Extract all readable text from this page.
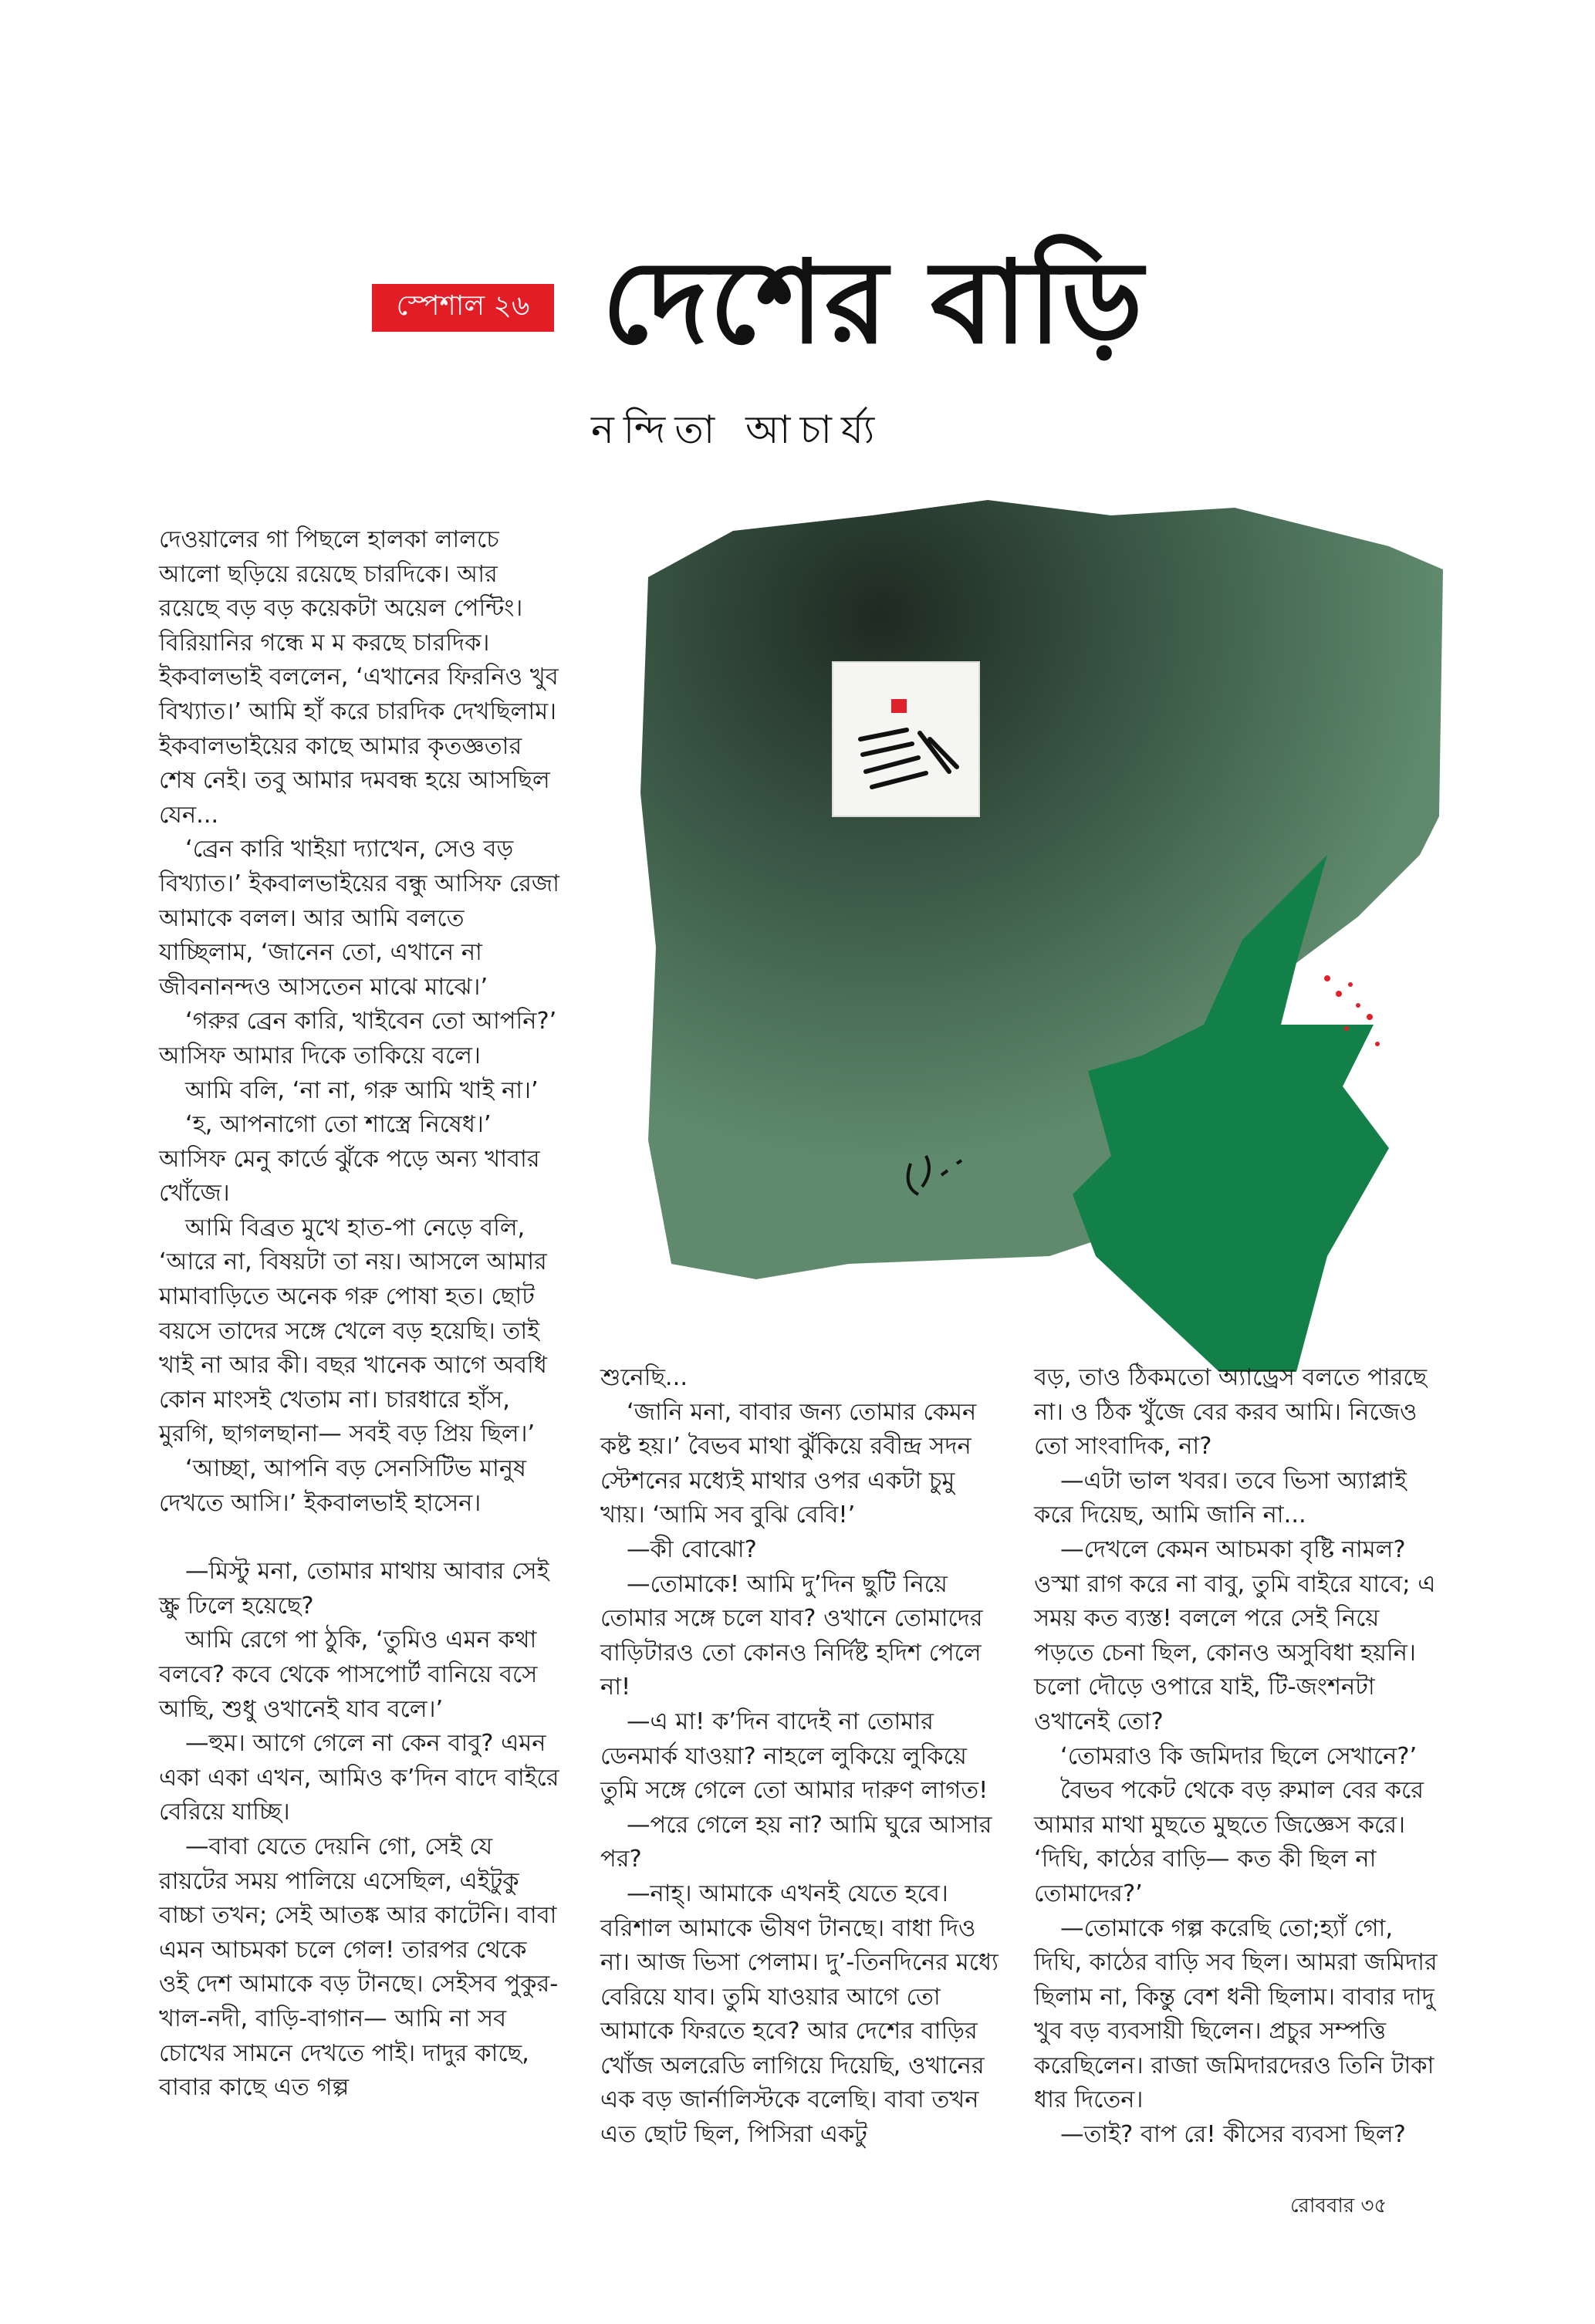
স্পেশাল ২৬ দেশের বাড়ি
নন্দিতা আচার্য্য

দেওয়ালের গা পিছলে হালকা লালচে আলো ছড়িয়ে রয়েছে চারদিকে। আর রয়েছে বড় বড় কয়েকটা অয়েল পেন্টিং। বিরিয়ানির গন্ধে ম ম করছে চারদিক। ইকবালভাই বললেন, ‘এখানের ফিরনিও খুব বিখ্যাত।’ আমি হাঁ করে চারদিক দেখছিলাম। ইকবালভাইয়ের কাছে আমার কৃতজ্ঞতার শেষ নেই। তবু আমার দমবন্ধ হয়ে আসছিল যেন...

‘ব্রেন কারি খাইয়া দ্যাখেন, সেও বড় বিখ্যাত।’ ইকবালভাইয়ের বন্ধু আসিফ রেজা আমাকে বলল। আর আমি বলতে যাচ্ছিলাম, ‘জানেন তো, এখানে না জীবনানন্দও আসতেন মাঝে মাঝে।’

‘গরুর ব্রেন কারি, খাইবেন তো আপনি?’ আসিফ আমার দিকে তাকিয়ে বলে।

আমি বলি, ‘না না, গরু আমি খাই না।’

‘হ, আপনাগো তো শাস্ত্রে নিষেধ।’ আসিফ মেনু কার্ডে ঝুঁকে পড়ে অন্য খাবার খোঁজে।

আমি বিব্রত মুখে হাত-পা নেড়ে বলি, ‘আরে না, বিষয়টা তা নয়। আসলে আমার মামাবাড়িতে অনেক গরু পোষা হত। ছোট বয়সে তাদের সঙ্গে খেলে বড় হয়েছি। তাই খাই না আর কী। বছর খানেক আগে অবধি কোন মাংসই খেতাম না। চারধারে হাঁস, মুরগি, ছাগলছানা— সবই বড় প্রিয় ছিল।’

‘আচ্ছা, আপনি বড় সেনসিটিভ মানুষ দেখতে আসি।’ ইকবালভাই হাসেন।

—মিস্টু মনা, তোমার মাথায় আবার সেই স্ক্রু ঢিলে হয়েছে?

আমি রেগে পা ঠুকি, ‘তুমিও এমন কথা বলবে? কবে থেকে পাসপোর্ট বানিয়ে বসে আছি, শুধু ওখানেই যাব বলে।’

—হুম। আগে গেলে না কেন বাবু? এমন একা একা এখন, আমিও ক’দিন বাদে বাইরে বেরিয়ে যাচ্ছি।

—বাবা যেতে দেয়নি গো, সেই যে রায়টের সময় পালিয়ে এসেছিল, এইটুকু বাচ্চা তখন; সেই আতঙ্ক আর কাটেনি। বাবা এমন আচমকা চলে গেল! তারপর থেকে ওই দেশ আমাকে বড় টানছে। সেইসব পুকুর-খাল-নদী, বাড়ি-বাগান— আমি না সব চোখের সামনে দেখতে পাই। দাদুর কাছে, বাবার কাছে এত গল্প

শুনেছি...

‘জানি মনা, বাবার জন্য তোমার কেমন কষ্ট হয়।’ বৈভব মাথা ঝুঁকিয়ে রবীন্দ্র সদন স্টেশনের মধ্যেই মাথার ওপর একটা চুমু খায়। ‘আমি সব বুঝি বেবি!’

—কী বোঝো?

—তোমাকে! আমি দু’দিন ছুটি নিয়ে তোমার সঙ্গে চলে যাব? ওখানে তোমাদের বাড়িটারও তো কোনও নির্দিষ্ট হদিশ পেলে না!

—এ মা! ক’দিন বাদেই না তোমার ডেনমার্ক যাওয়া? নাহলে লুকিয়ে লুকিয়ে তুমি সঙ্গে গেলে তো আমার দারুণ লাগত!

—পরে গেলে হয় না? আমি ঘুরে আসার পর?

—নাহ্‌। আমাকে এখনই যেতে হবে। বরিশাল আমাকে ভীষণ টানছে। বাধা দিও না। আজ ভিসা পেলাম। দু’-তিনদিনের মধ্যে বেরিয়ে যাব। তুমি যাওয়ার আগে তো আমাকে ফিরতে হবে? আর দেশের বাড়ির খোঁজ অলরেডি লাগিয়ে দিয়েছি, ওখানের এক বড় জার্নালিস্টকে বলেছি। বাবা তখন এত ছোট ছিল, পিসিরা একটু

বড়, তাও ঠিকমতো অ্যাড্রেস বলতে পারছে না। ও ঠিক খুঁজে বের করব আমি। নিজেও তো সাংবাদিক, না?

—এটা ভাল খবর। তবে ভিসা অ্যাপ্লাই করে দিয়েছ, আমি জানি না...

—দেখলে কেমন আচমকা বৃষ্টি নামল? ওস্মা রাগ করে না বাবু, তুমি বাইরে যাবে; এ সময় কত ব্যস্ত! বললে পরে সেই নিয়ে পড়তে চেনা ছিল, কোনও অসুবিধা হয়নি। চলো দৌড়ে ওপারে যাই, টি-জংশনটা ওখানেই তো?

‘তোমরাও কি জমিদার ছিলে সেখানে?’

বৈভব পকেট থেকে বড় রুমাল বের করে আমার মাথা মুছতে মুছতে জিজ্ঞেস করে। ‘দিঘি, কাঠের বাড়ি— কত কী ছিল না তোমাদের?’

—তোমাকে গল্প করেছি তো;হ্যাঁ গো, দিঘি, কাঠের বাড়ি সব ছিল। আমরা জমিদার ছিলাম না, কিন্তু বেশ ধনী ছিলাম। বাবার দাদু খুব বড় ব্যবসায়ী ছিলেন। প্রচুর সম্পত্তি করেছিলেন। রাজা জমিদারদেরও তিনি টাকা ধার দিতেন।

—তাই? বাপ রে! কীসের ব্যবসা ছিল?

রোববার ৩৫
